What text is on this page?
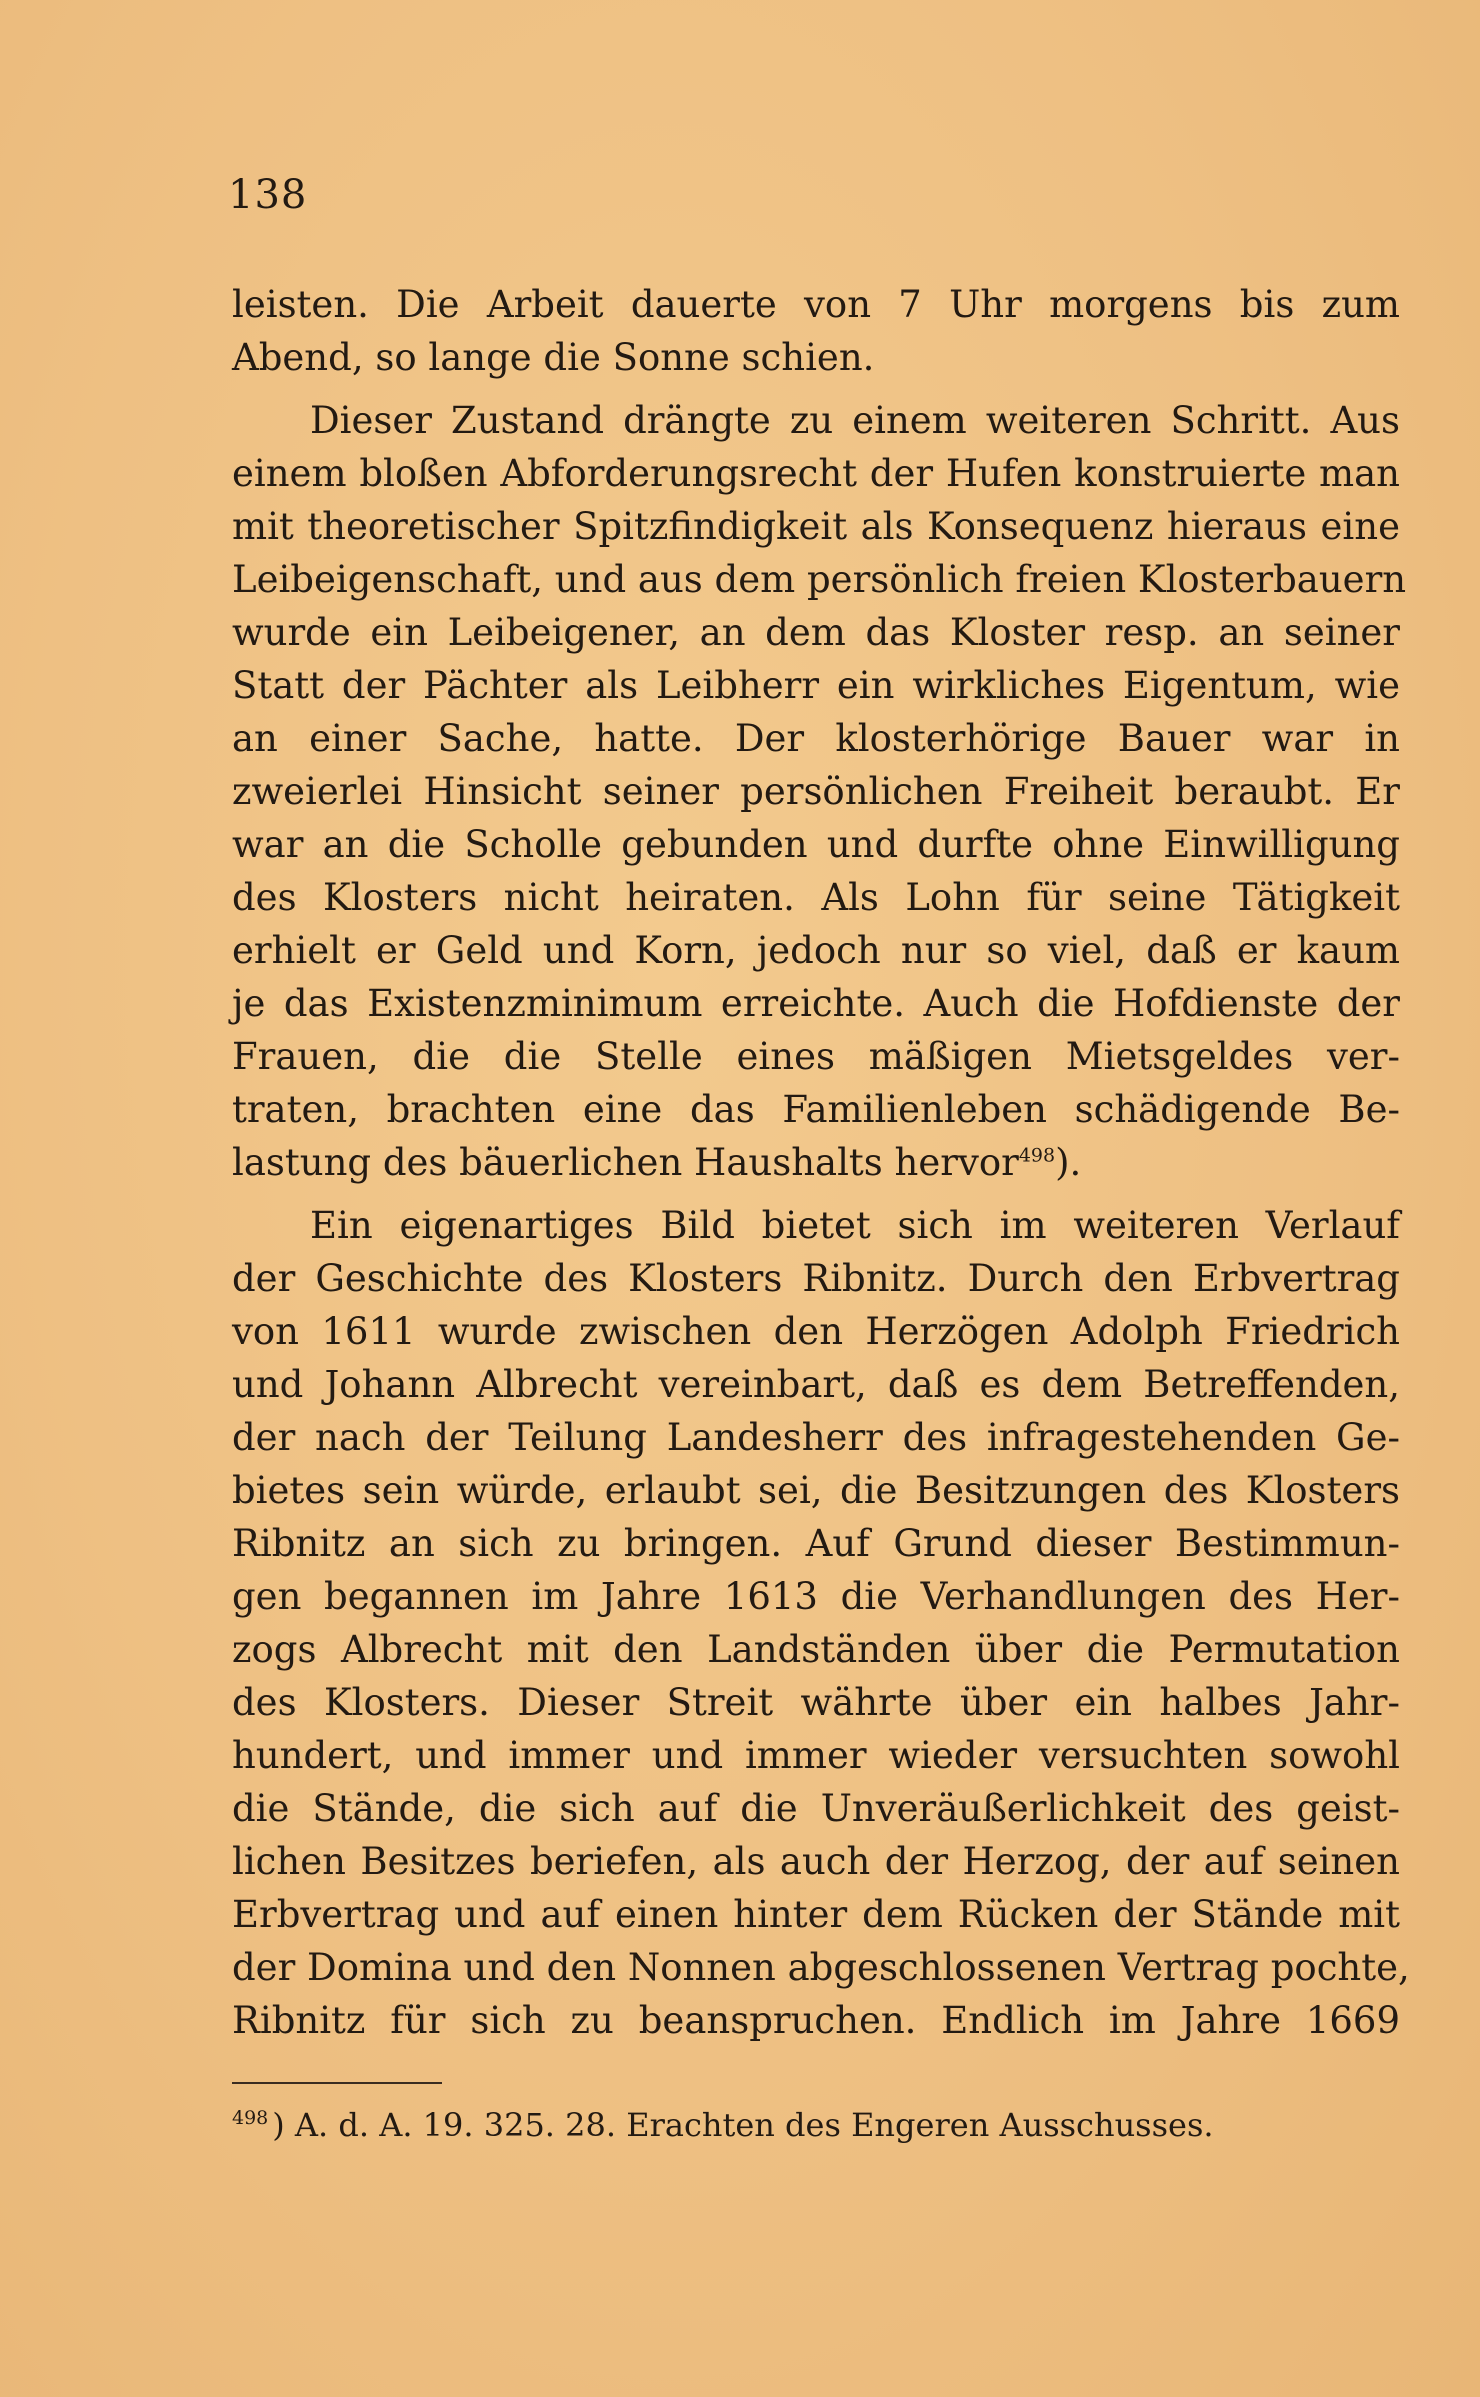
138
leisten. Die Arbeit dauerte von 7 Uhr morgens bis zum
Abend, so lange die Sonne schien.
Dieser Zustand drängte zu einem weiteren Schritt. Aus
einem bloßen Abforderungsrecht der Hufen konstruierte man
mit theoretischer Spitzfindigkeit als Konsequenz hieraus eine
Leibeigenschaft, und aus dem persönlich freien Klosterbauern
wurde ein Leibeigener, an dem das Kloster resp. an seiner
Statt der Pächter als Leibherr ein wirkliches Eigentum, wie
an einer Sache, hatte. Der klosterhörige Bauer war in
zweierlei Hinsicht seiner persönlichen Freiheit beraubt. Er
war an die Scholle gebunden und durfte ohne Einwilligung
des Klosters nicht heiraten. Als Lohn für seine Tätigkeit
erhielt er Geld und Korn, jedoch nur so viel, daß er kaum
je das Existenzminimum erreichte. Auch die Hofdienste der
Frauen, die die Stelle eines mäßigen Mietsgeldes ver-
traten, brachten eine das Familienleben schädigende Be-
lastung des bäuerlichen Haushalts hervor$^{498}$).
Ein eigenartiges Bild bietet sich im weiteren Verlauf
der Geschichte des Klosters Ribnitz. Durch den Erbvertrag
von 1611 wurde zwischen den Herzögen Adolph Friedrich
und Johann Albrecht vereinbart, daß es dem Betreffenden,
der nach der Teilung Landesherr des infragestehenden Ge-
bietes sein würde, erlaubt sei, die Besitzungen des Klosters
Ribnitz an sich zu bringen. Auf Grund dieser Bestimmun-
gen begannen im Jahre 1613 die Verhandlungen des Her-
zogs Albrecht mit den Landständen über die Permutation
des Klosters. Dieser Streit währte über ein halbes Jahr-
hundert, und immer und immer wieder versuchten sowohl
die Stände, die sich auf die Unveräußerlichkeit des geist-
lichen Besitzes beriefen, als auch der Herzog, der auf seinen
Erbvertrag und auf einen hinter dem Rücken der Stände mit
der Domina und den Nonnen abgeschlossenen Vertrag pochte,
Ribnitz für sich zu beanspruchen. Endlich im Jahre 1669
$^{498}$ ) A. d. A. 19. 325. 28. Erachten des Engeren Ausschusses.
